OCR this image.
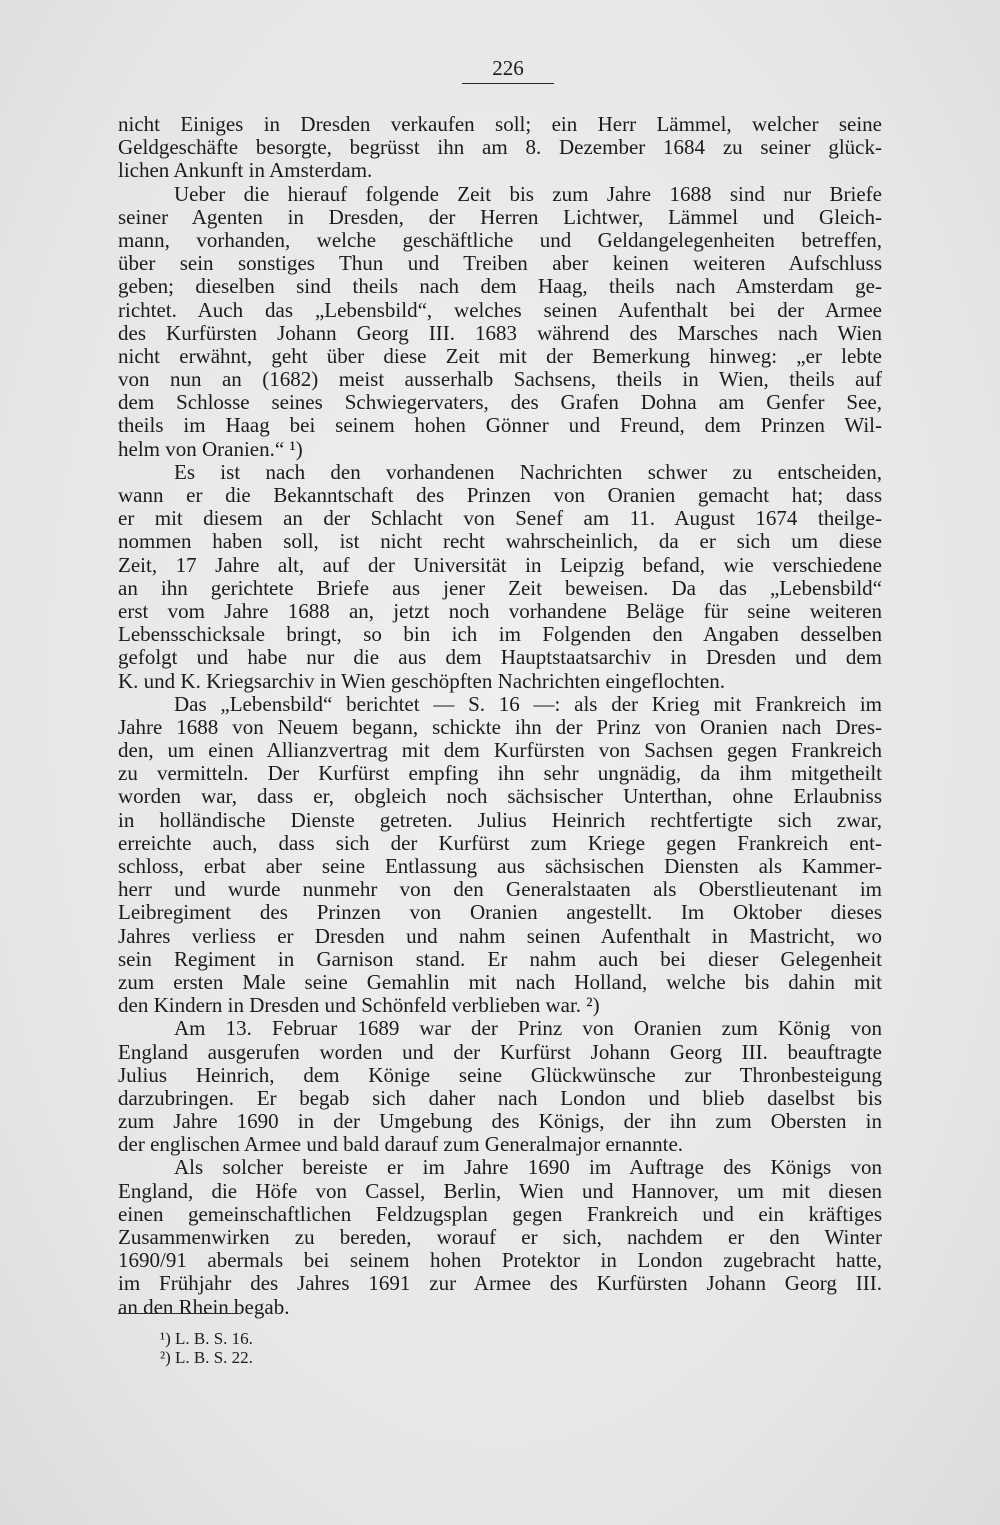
226
nicht Einiges in Dresden verkaufen soll; ein Herr Lämmel, welcher seine
Geldgeschäfte besorgte, begrüsst ihn am 8. Dezember 1684 zu seiner glück-
lichen Ankunft in Amsterdam.
Ueber die hierauf folgende Zeit bis zum Jahre 1688 sind nur Briefe
seiner Agenten in Dresden, der Herren Lichtwer, Lämmel und Gleich-
mann, vorhanden, welche geschäftliche und Geldangelegenheiten betreffen,
über sein sonstiges Thun und Treiben aber keinen weiteren Aufschluss
geben; dieselben sind theils nach dem Haag, theils nach Amsterdam ge-
richtet. Auch das „Lebensbild“, welches seinen Aufenthalt bei der Armee
des Kurfürsten Johann Georg III. 1683 während des Marsches nach Wien
nicht erwähnt, geht über diese Zeit mit der Bemerkung hinweg: „er lebte
von nun an (1682) meist ausserhalb Sachsens, theils in Wien, theils auf
dem Schlosse seines Schwiegervaters, des Grafen Dohna am Genfer See,
theils im Haag bei seinem hohen Gönner und Freund, dem Prinzen Wil-
helm von Oranien.“ ¹)
Es ist nach den vorhandenen Nachrichten schwer zu entscheiden,
wann er die Bekanntschaft des Prinzen von Oranien gemacht hat; dass
er mit diesem an der Schlacht von Senef am 11. August 1674 theilge-
nommen haben soll, ist nicht recht wahrscheinlich, da er sich um diese
Zeit, 17 Jahre alt, auf der Universität in Leipzig befand, wie verschiedene
an ihn gerichtete Briefe aus jener Zeit beweisen. Da das „Lebensbild“
erst vom Jahre 1688 an, jetzt noch vorhandene Beläge für seine weiteren
Lebensschicksale bringt, so bin ich im Folgenden den Angaben desselben
gefolgt und habe nur die aus dem Hauptstaatsarchiv in Dresden und dem
K. und K. Kriegsarchiv in Wien geschöpften Nachrichten eingeflochten.
Das „Lebensbild“ berichtet — S. 16 —: als der Krieg mit Frankreich im
Jahre 1688 von Neuem begann, schickte ihn der Prinz von Oranien nach Dres-
den, um einen Allianzvertrag mit dem Kurfürsten von Sachsen gegen Frankreich
zu vermitteln. Der Kurfürst empfing ihn sehr ungnädig, da ihm mitgetheilt
worden war, dass er, obgleich noch sächsischer Unterthan, ohne Erlaubniss
in holländische Dienste getreten. Julius Heinrich rechtfertigte sich zwar,
erreichte auch, dass sich der Kurfürst zum Kriege gegen Frankreich ent-
schloss, erbat aber seine Entlassung aus sächsischen Diensten als Kammer-
herr und wurde nunmehr von den Generalstaaten als Oberstlieutenant im
Leibregiment des Prinzen von Oranien angestellt. Im Oktober dieses
Jahres verliess er Dresden und nahm seinen Aufenthalt in Mastricht, wo
sein Regiment in Garnison stand. Er nahm auch bei dieser Gelegenheit
zum ersten Male seine Gemahlin mit nach Holland, welche bis dahin mit
den Kindern in Dresden und Schönfeld verblieben war. ²)
Am 13. Februar 1689 war der Prinz von Oranien zum König von
England ausgerufen worden und der Kurfürst Johann Georg III. beauftragte
Julius Heinrich, dem Könige seine Glückwünsche zur Thronbesteigung
darzubringen. Er begab sich daher nach London und blieb daselbst bis
zum Jahre 1690 in der Umgebung des Königs, der ihn zum Obersten in
der englischen Armee und bald darauf zum Generalmajor ernannte.
Als solcher bereiste er im Jahre 1690 im Auftrage des Königs von
England, die Höfe von Cassel, Berlin, Wien und Hannover, um mit diesen
einen gemeinschaftlichen Feldzugsplan gegen Frankreich und ein kräftiges
Zusammenwirken zu bereden, worauf er sich, nachdem er den Winter
1690/91 abermals bei seinem hohen Protektor in London zugebracht hatte,
im Frühjahr des Jahres 1691 zur Armee des Kurfürsten Johann Georg III.
an den Rhein begab.
¹) L. B. S. 16.
²) L. B. S. 22.
